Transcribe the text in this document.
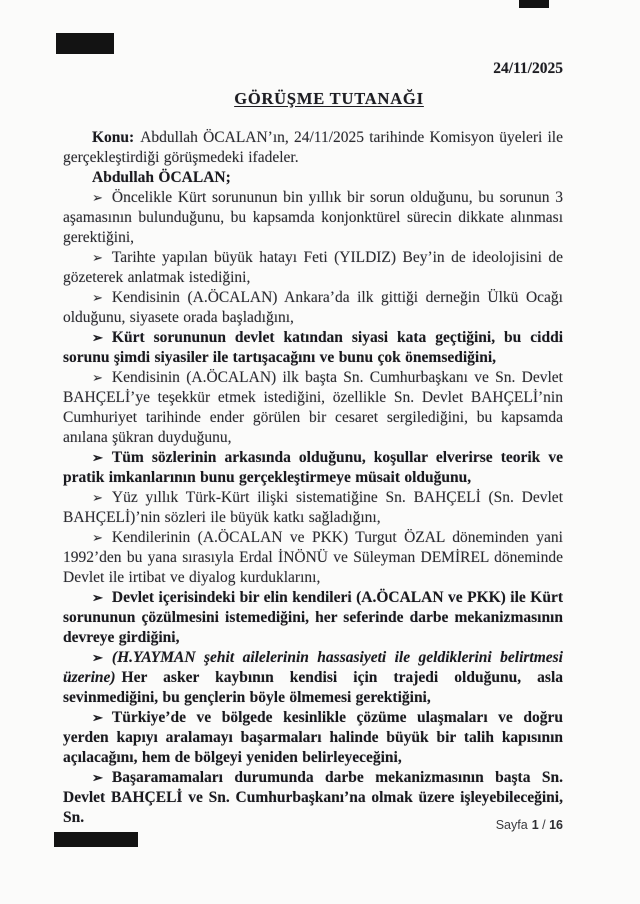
24/11/2025
GÖRÜŞME TUTANAĞI

Konu: Abdullah ÖCALAN’ın, 24/11/2025 tarihinde Komisyon üyeleri ile gerçekleştirdiği görüşmedeki ifadeler.

Abdullah ÖCALAN;

➢ Öncelikle Kürt sorununun bin yıllık bir sorun olduğunu, bu sorunun 3 aşamasının bulunduğunu, bu kapsamda konjonktürel sürecin dikkate alınması gerektiğini,

➢ Tarihte yapılan büyük hatayı Feti (YILDIZ) Bey’in de ideolojisini de gözeterek anlatmak istediğini,

➢ Kendisinin (A.ÖCALAN) Ankara’da ilk gittiği derneğin Ülkü Ocağı olduğunu, siyasete orada başladığını,

➢ Kürt sorununun devlet katından siyasi kata geçtiğini, bu ciddi sorunu şimdi siyasiler ile tartışacağını ve bunu çok önemsediğini,

➢ Kendisinin (A.ÖCALAN) ilk başta Sn. Cumhurbaşkanı ve Sn. Devlet BAHÇELİ’ye teşekkür etmek istediğini, özellikle Sn. Devlet BAHÇELİ’nin Cumhuriyet tarihinde ender görülen bir cesaret sergilediğini, bu kapsamda anılana şükran duyduğunu,

➢ Tüm sözlerinin arkasında olduğunu, koşullar elverirse teorik ve pratik imkanlarının bunu gerçekleştirmeye müsait olduğunu,

➢ Yüz yıllık Türk-Kürt ilişki sistematiğine Sn. BAHÇELİ (Sn. Devlet BAHÇELİ)’nin sözleri ile büyük katkı sağladığını,

➢ Kendilerinin (A.ÖCALAN ve PKK) Turgut ÖZAL döneminden yani 1992’den bu yana sırasıyla Erdal İNÖNÜ ve Süleyman DEMİREL döneminde Devlet ile irtibat ve diyalog kurduklarını,

➢ Devlet içerisindeki bir elin kendileri (A.ÖCALAN ve PKK) ile Kürt sorununun çözülmesini istemediğini, her seferinde darbe mekanizmasının devreye girdiğini,

➢ (H.YAYMAN şehit ailelerinin hassasiyeti ile geldiklerini belirtmesi üzerine) Her asker kaybının kendisi için trajedi olduğunu, asla sevinmediğini, bu gençlerin böyle ölmemesi gerektiğini,

➢ Türkiye’de ve bölgede kesinlikle çözüme ulaşmaları ve doğru yerden kapıyı aralamayı başarmaları halinde büyük bir talih kapısının açılacağını, hem de bölgeyi yeniden belirleyeceğini,

➢ Başaramamaları durumunda darbe mekanizmasının başta Sn. Devlet BAHÇELİ ve Sn. Cumhurbaşkanı’na olmak üzere işleyebileceğini, Sn.	Sayfa 1 / 16
